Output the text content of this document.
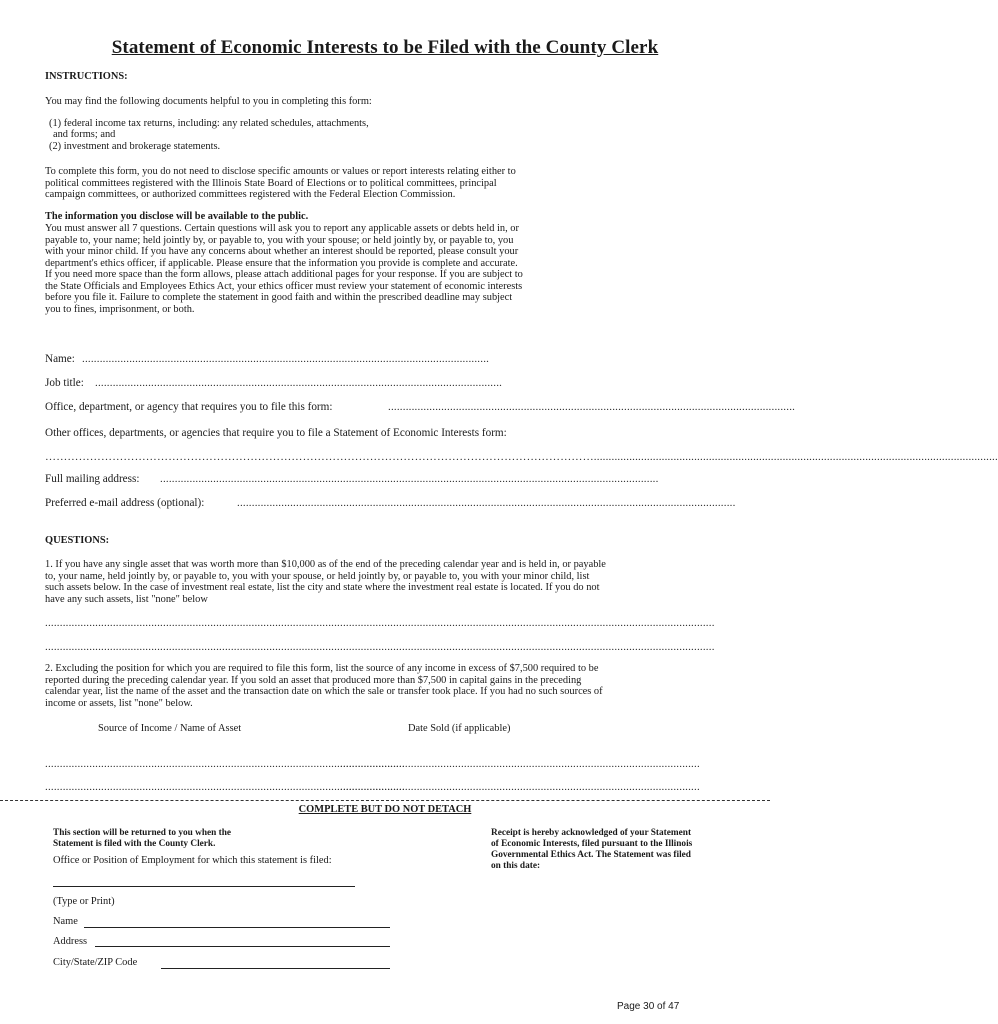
Statement of Economic Interests to be Filed with the County Clerk
INSTRUCTIONS:
You may find the following documents helpful to you in completing this form:
(1) federal income tax returns, including: any related schedules, attachments,
and forms; and
(2) investment and brokerage statements.
To complete this form, you do not need to disclose specific amounts or values or report interests relating either to
political committees registered with the Illinois State Board of Elections or to political committees, principal
campaign committees, or authorized committees registered with the Federal Election Commission.
The information you disclose will be available to the public.
You must answer all 7 questions. Certain questions will ask you to report any applicable assets or debts held in, or
payable to, your name; held jointly by, or payable to, you with your spouse; or held jointly by, or payable to, you
with your minor child. If you have any concerns about whether an interest should be reported, please consult your
department's ethics officer, if applicable. Please ensure that the information you provide is complete and accurate.
If you need more space than the form allows, please attach additional pages for your response. If you are subject to
the State Officials and Employees Ethics Act, your ethics officer must review your statement of economic interests
before you file it. Failure to complete the statement in good faith and within the prescribed deadline may subject
you to fines, imprisonment, or both.
Name: ..........................................................................................................................................
Job title: ..........................................................................................................................................
Office, department, or agency that requires you to file this form:	..........................................................................................................................................
Other offices, departments, or agencies that require you to file a Statement of Economic Interests form:
………………………………………………………………………………………………………………………………….........................................................................................................................................
Full mailing address: .........................................................................................................................................................................
Preferred e-mail address (optional):	.........................................................................................................................................................................
QUESTIONS:
1. If you have any single asset that was worth more than $10,000 as of the end of the preceding calendar year and is held in, or payable
to, your name, held jointly by, or payable to, you with your spouse, or held jointly by, or payable to, you with your minor child, list
such assets below. In the case of investment real estate, list the city and state where the investment real estate is located. If you do not
have any such assets, list "none" below
...................................................................................................................................................................................................................................
...................................................................................................................................................................................................................................
2. Excluding the position for which you are required to file this form, list the source of any income in excess of $7,500 required to be
reported during the preceding calendar year. If you sold an asset that produced more than $7,500 in capital gains in the preceding
calendar year, list the name of the asset and the transaction date on which the sale or transfer took place. If you had no such sources of
income or assets, list "none" below.
Source of Income / Name of Asset	Date Sold (if applicable)
..........................................................................................................................
..........................................................................................................................
..........................................................................................................................
..........................................................................................................................
COMPLETE BUT DO NOT DETACH
This section will be returned to you when the
Statement is filed with the County Clerk.
Office or Position of Employment for which this statement is filed:
(Type or Print)
Name
Address
City/State/ZIP Code
Receipt is hereby acknowledged of your Statement
of Economic Interests, filed pursuant to the Illinois
Governmental Ethics Act. The Statement was filed
on this date:
Page 30 of 47
